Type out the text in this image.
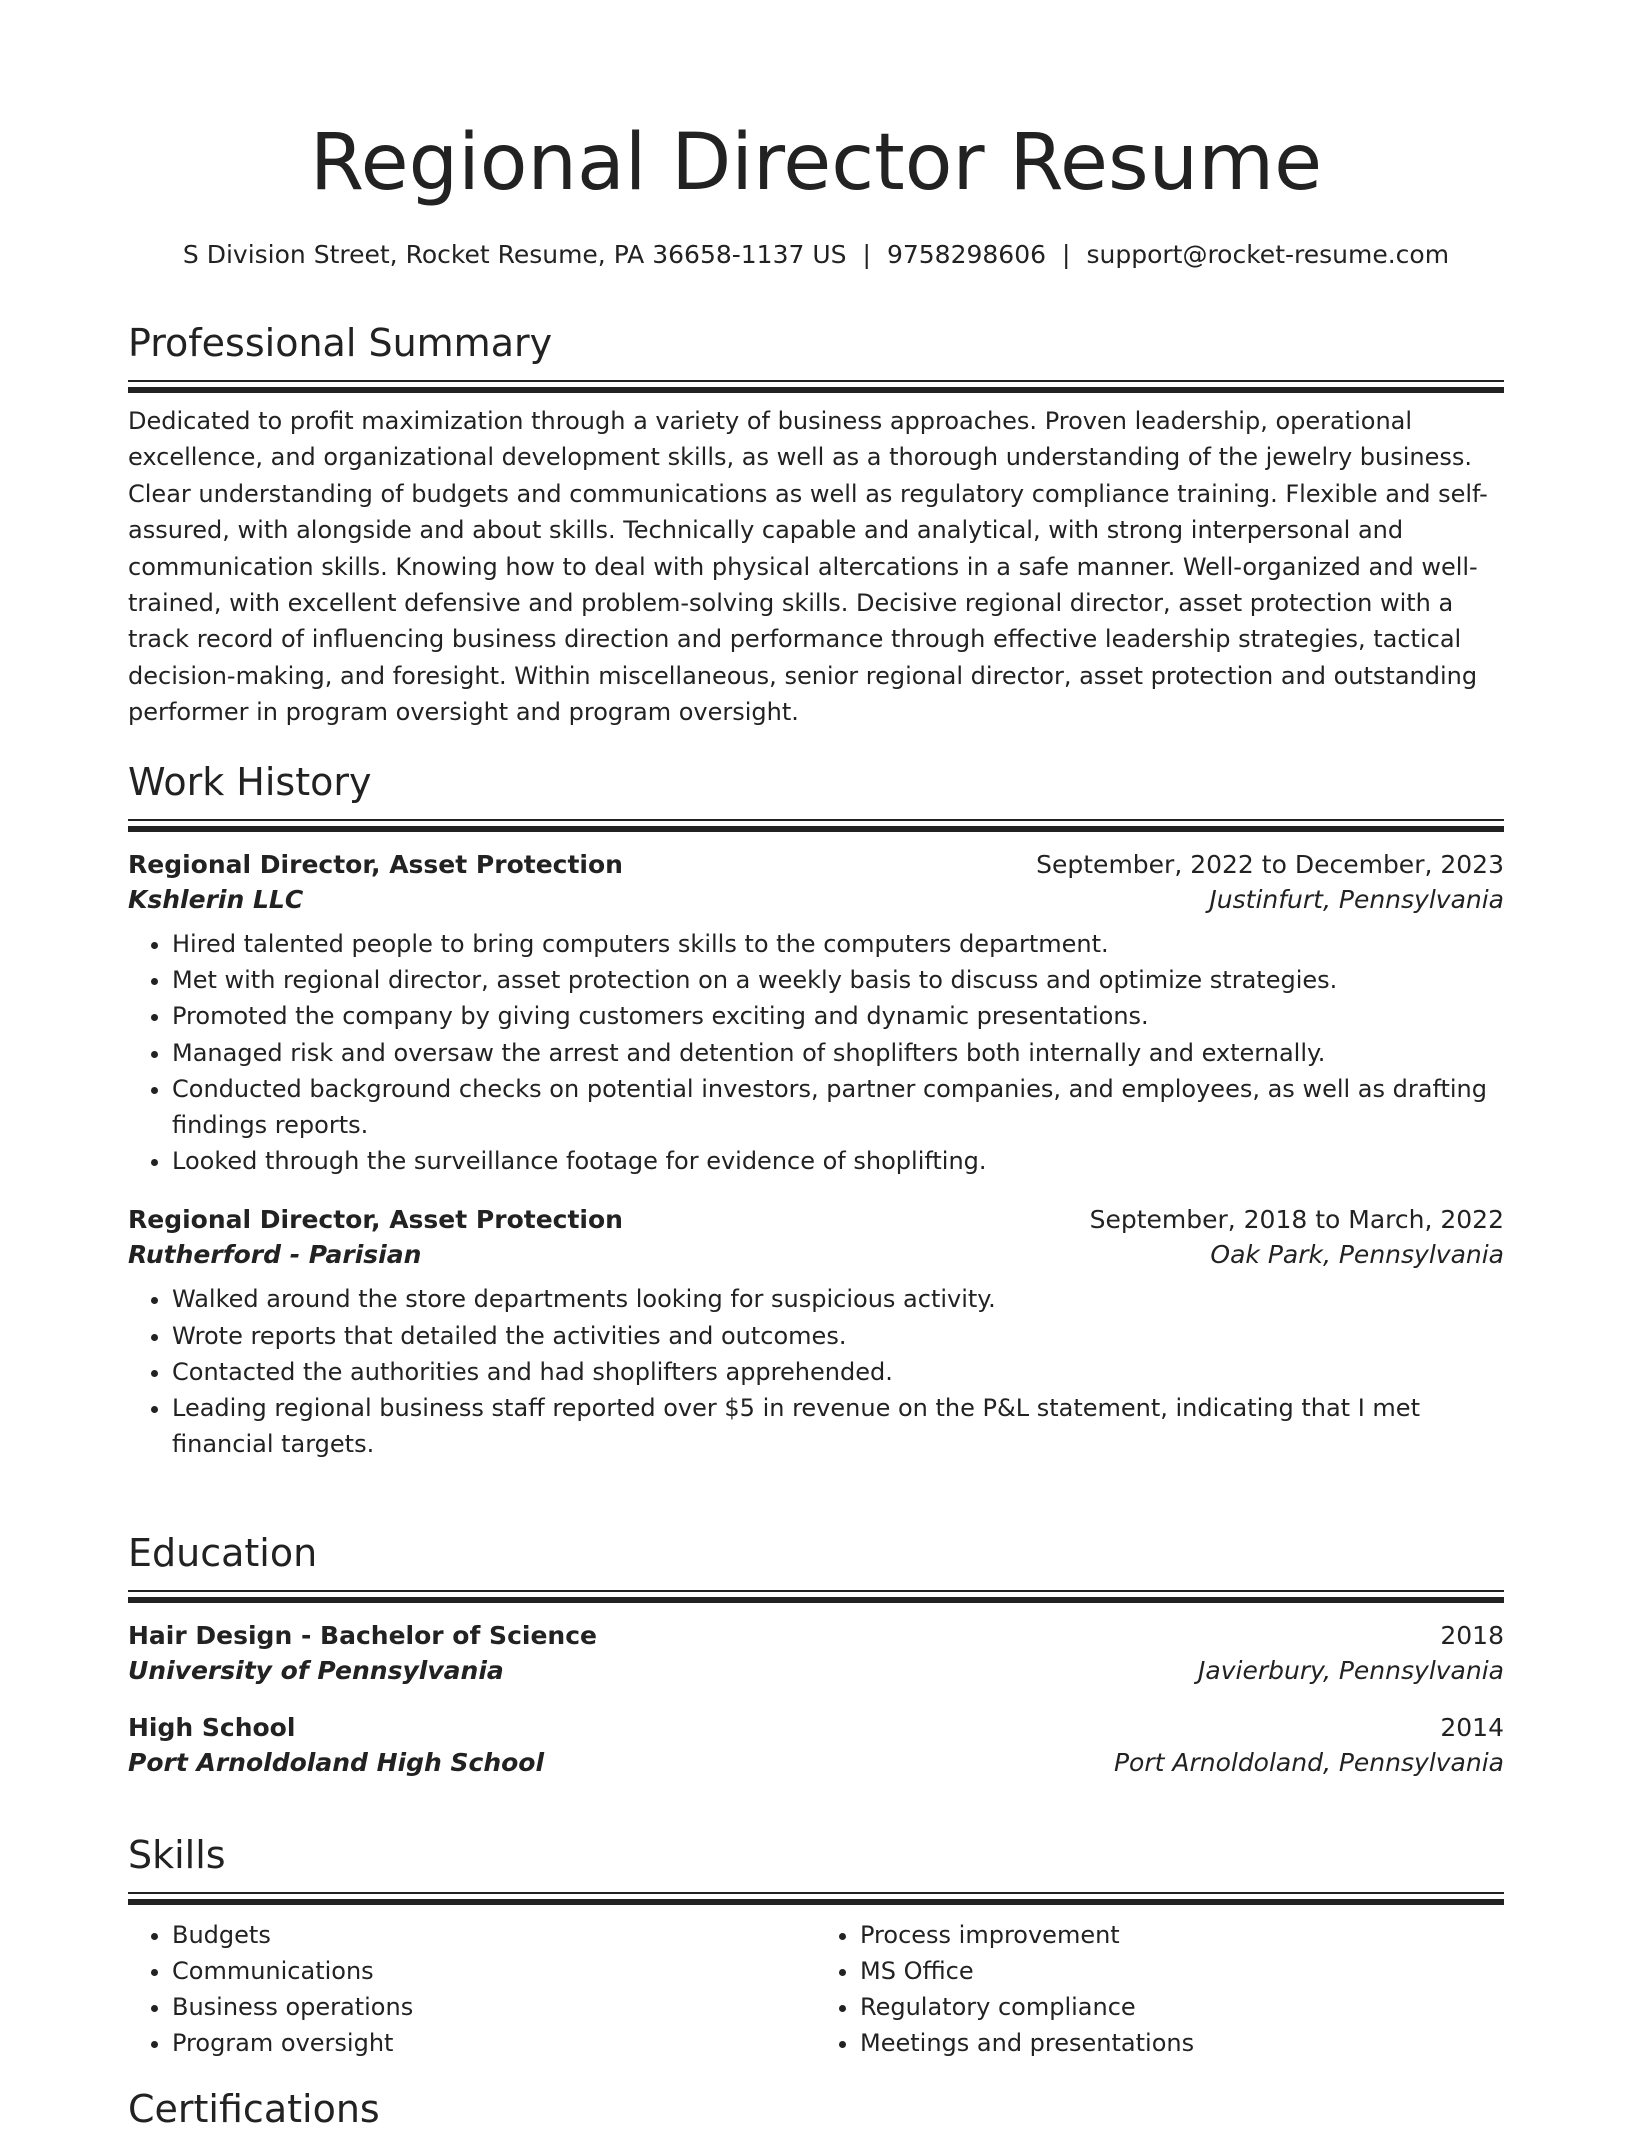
Regional Director Resume
S Division Street, Rocket Resume, PA 36658-1137 US | 9758298606 | support@rocket-resume.com
Professional Summary

Dedicated to profit maximization through a variety of business approaches. Proven leadership, operational excellence, and organizational development skills, as well as a thorough understanding of the jewelry business. Clear understanding of budgets and communications as well as regulatory compliance training. Flexible and self-assured, with alongside and about skills. Technically capable and analytical, with strong interpersonal and communication skills. Knowing how to deal with physical altercations in a safe manner. Well-organized and well-trained, with excellent defensive and problem-solving skills. Decisive regional director, asset protection with a track record of influencing business direction and performance through effective leadership strategies, tactical decision-making, and foresight. Within miscellaneous, senior regional director, asset protection and outstanding performer in program oversight and program oversight.

Work History
Regional Director, Asset Protection	September, 2022 to December, 2023
Kshlerin LLC	Justinfurt, Pennsylvania
• Hired talented people to bring computers skills to the computers department.
• Met with regional director, asset protection on a weekly basis to discuss and optimize strategies.
• Promoted the company by giving customers exciting and dynamic presentations.
• Managed risk and oversaw the arrest and detention of shoplifters both internally and externally.
• Conducted background checks on potential investors, partner companies, and employees, as well as drafting findings reports.
• Looked through the surveillance footage for evidence of shoplifting.
Regional Director, Asset Protection	September, 2018 to March, 2022
Rutherford - Parisian	Oak Park, Pennsylvania
• Walked around the store departments looking for suspicious activity.
• Wrote reports that detailed the activities and outcomes.
• Contacted the authorities and had shoplifters apprehended.
• Leading regional business staff reported over $5 in revenue on the P&L statement, indicating that I met financial targets.
Education
Hair Design - Bachelor of Science	2018
University of Pennsylvania	Javierbury, Pennsylvania
High School	2014
Port Arnoldoland High School	Port Arnoldoland, Pennsylvania
Skills
• Budgets
• Communications
• Business operations
• Program oversight
• Process improvement
• MS Office
• Regulatory compliance
• Meetings and presentations
Certifications
